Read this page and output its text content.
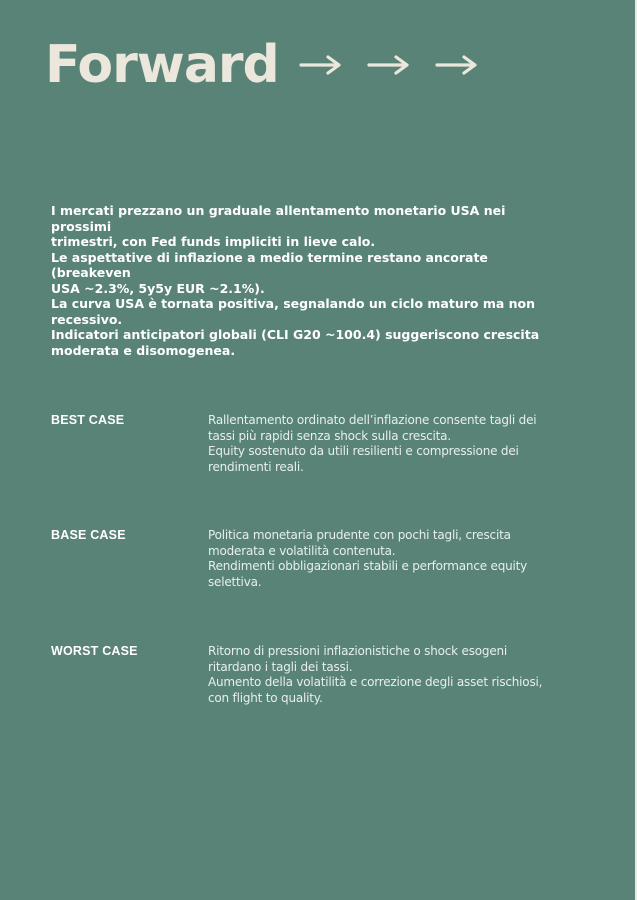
Forward

I mercati prezzano un graduale allentamento monetario USA nei prossimi

trimestri, con Fed funds impliciti in lieve calo.

Le aspettative di inflazione a medio termine restano ancorate (breakeven

USA ~2.3%, 5y5y EUR ~2.1%).

La curva USA è tornata positiva, segnalando un ciclo maturo ma non

recessivo.

Indicatori anticipatori globali (CLI G20 ~100.4) suggeriscono crescita

moderata e disomogenea.

BEST CASE	Rallentamento ordinato dell’inflazione consente tagli dei

tassi più rapidi senza shock sulla crescita.

Equity sostenuto da utili resilienti e compressione dei

rendimenti reali.

BASE CASE	Politica monetaria prudente con pochi tagli, crescita

moderata e volatilità contenuta.

Rendimenti obbligazionari stabili e performance equity

selettiva.

WORST CASE	Ritorno di pressioni inflazionistiche o shock esogeni

ritardano i tagli dei tassi.

Aumento della volatilità e correzione degli asset rischiosi,

con flight to quality.
